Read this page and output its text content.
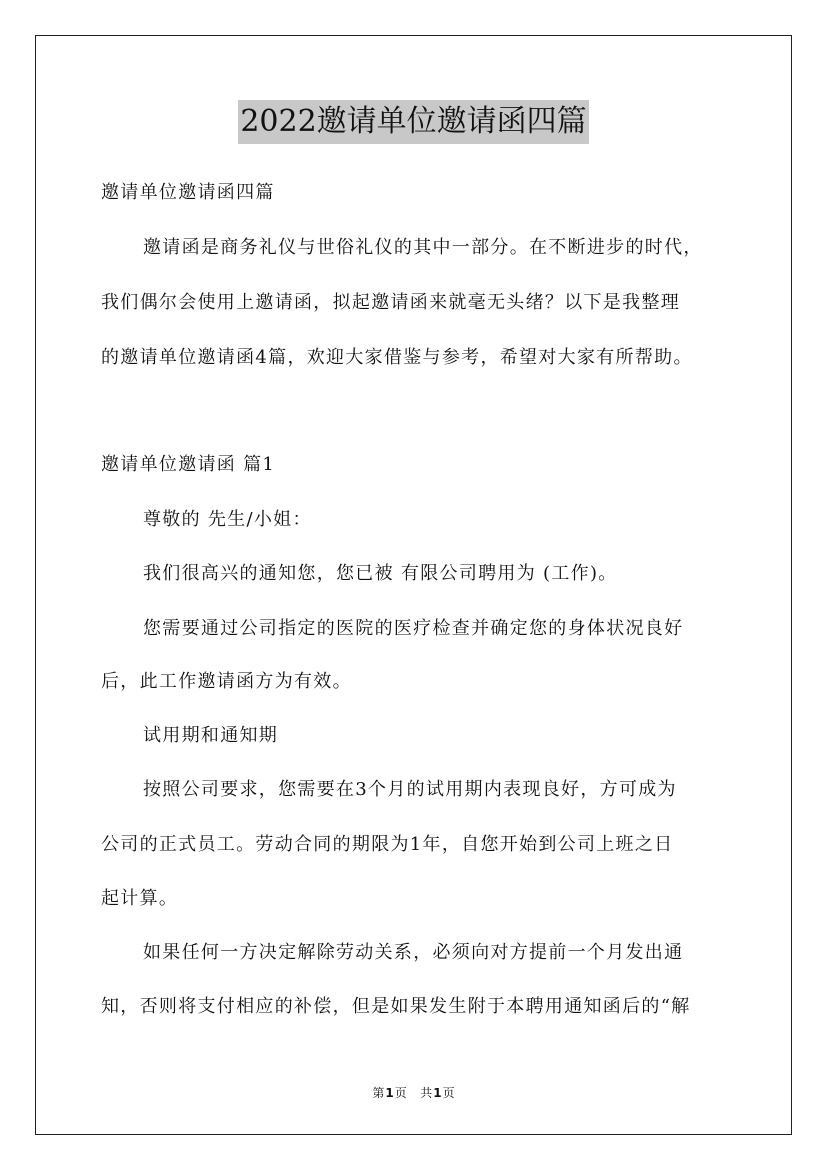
2022邀请单位邀请函四篇
邀请单位邀请函四篇
邀请函是商务礼仪与世俗礼仪的其中一部分。在不断进步的时代，
我们偶尔会使用上邀请函，拟起邀请函来就毫无头绪？以下是我整理
的邀请单位邀请函4篇，欢迎大家借鉴与参考，希望对大家有所帮助。
邀请单位邀请函 篇1
尊敬的 先生/小姐：
我们很高兴的通知您，您已被 有限公司聘用为 (工作)。
您需要通过公司指定的医院的医疗检查并确定您的身体状况良好
后，此工作邀请函方为有效。
试用期和通知期
按照公司要求，您需要在3个月的试用期内表现良好，方可成为
公司的正式员工。劳动合同的期限为1年，自您开始到公司上班之日
起计算。
如果任何一方决定解除劳动关系，必须向对方提前一个月发出通
知，否则将支付相应的补偿，但是如果发生附于本聘用通知函后的“解
第1页 共1页
